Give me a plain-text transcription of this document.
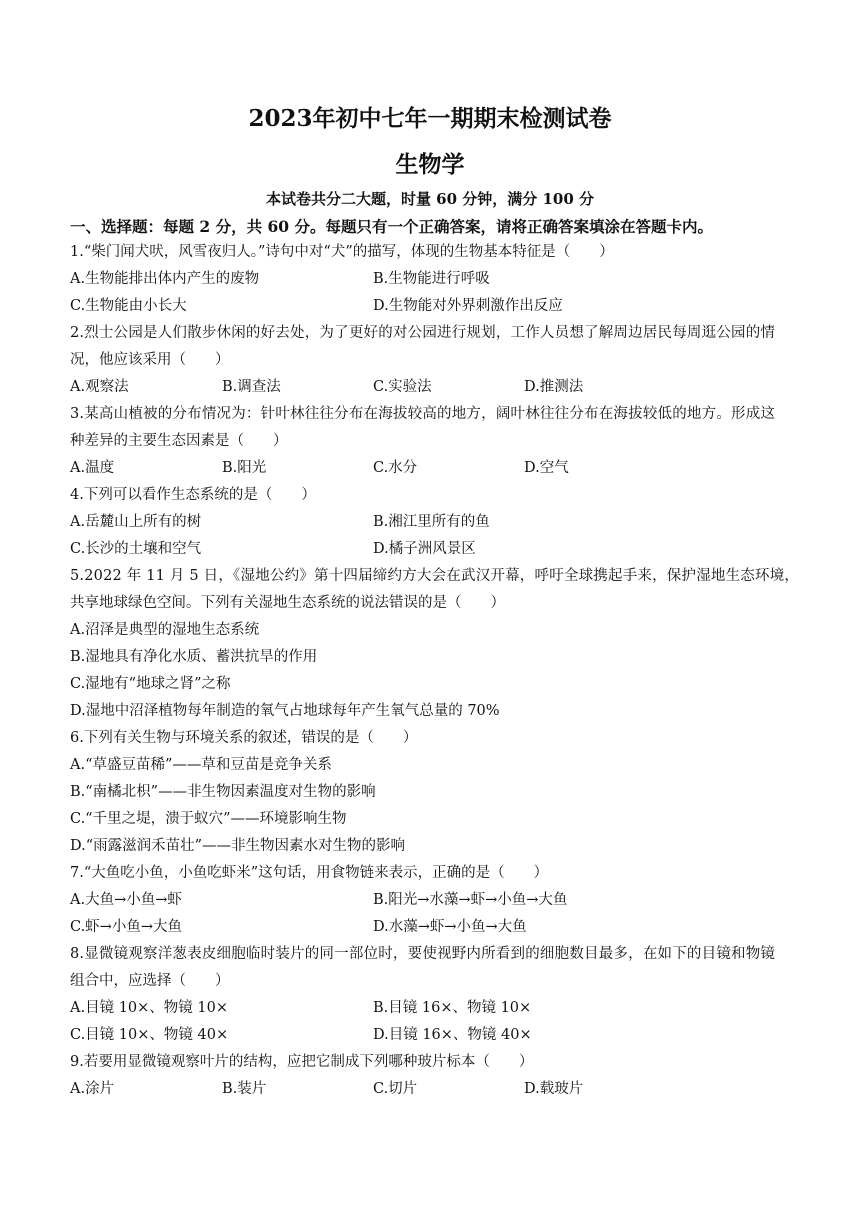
2023年初中七年一期期末检测试卷
生物学
本试卷共分二大题，时量 60 分钟，满分 100 分
一、选择题：每题 2 分，共 60 分。每题只有一个正确答案，请将正确答案填涂在答题卡内。
1.“柴门闻犬吠，风雪夜归人。”诗句中对“犬”的描写，体现的生物基本特征是（　　）
A.生物能排出体内产生的废物	B.生物能进行呼吸
C.生物能由小长大	D.生物能对外界刺激作出反应
2.烈士公园是人们散步休闲的好去处，为了更好的对公园进行规划，工作人员想了解周边居民每周逛公园的情
况，他应该采用（　　）
A.观察法	B.调查法	C.实验法	D.推测法
3.某高山植被的分布情况为：针叶林往往分布在海拔较高的地方，阔叶林往往分布在海拔较低的地方。形成这
种差异的主要生态因素是（　　）
A.温度	B.阳光	C.水分	D.空气
4.下列可以看作生态系统的是（　　）
A.岳麓山上所有的树	B.湘江里所有的鱼
C.长沙的土壤和空气	D.橘子洲风景区
5.2022 年 11 月 5 日，《湿地公约》第十四届缔约方大会在武汉开幕，呼吁全球携起手来，保护湿地生态环境，
共享地球绿色空间。下列有关湿地生态系统的说法错误的是（　　）
A.沼泽是典型的湿地生态系统
B.湿地具有净化水质、蓄洪抗旱的作用
C.湿地有“地球之肾”之称
D.湿地中沼泽植物每年制造的氧气占地球每年产生氧气总量的 70%
6.下列有关生物与环境关系的叙述，错误的是（　　）
A.“草盛豆苗稀”——草和豆苗是竞争关系
B.“南橘北枳”——非生物因素温度对生物的影响
C.“千里之堤，溃于蚁穴”——环境影响生物
D.“雨露滋润禾苗壮”——非生物因素水对生物的影响
7.“大鱼吃小鱼，小鱼吃虾米”这句话，用食物链来表示，正确的是（　　）
A.大鱼→小鱼→虾	B.阳光→水藻→虾→小鱼→大鱼
C.虾→小鱼→大鱼	D.水藻→虾→小鱼→大鱼
8.显微镜观察洋葱表皮细胞临时装片的同一部位时，要使视野内所看到的细胞数目最多，在如下的目镜和物镜
组合中，应选择（　　）
A.目镜 10×、物镜 10×	B.目镜 16×、物镜 10×
C.目镜 10×、物镜 40×	D.目镜 16×、物镜 40×
9.若要用显微镜观察叶片的结构，应把它制成下列哪种玻片标本（　　）
A.涂片	B.装片	C.切片	D.载玻片
